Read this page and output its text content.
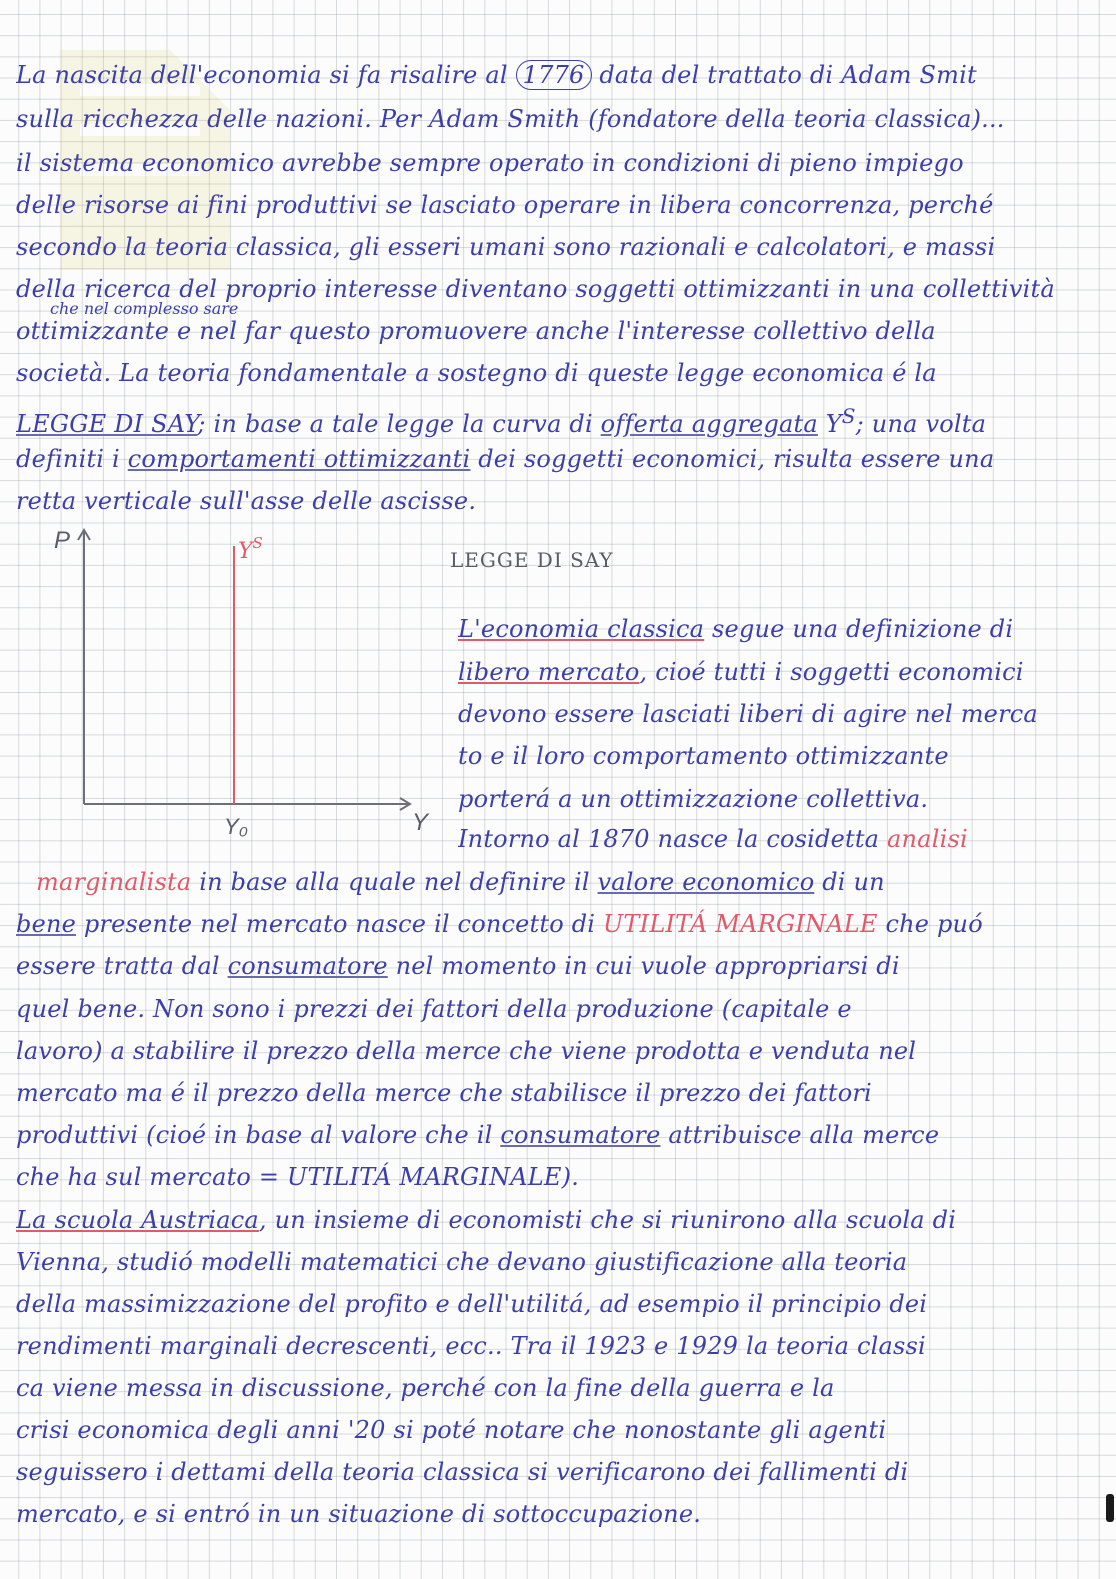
La nascita dell'economia si fa risalire al 1776 data del trattato di Adam Smit
sulla ricchezza delle nazioni. Per Adam Smith (fondatore della teoria classica)...
il sistema economico avrebbe sempre operato in condizioni di pieno impiego
delle risorse ai fini produttivi se lasciato operare in libera concorrenza, perché
secondo la teoria classica, gli esseri umani sono razionali e calcolatori, e massi
della ricerca del proprio interesse diventano soggetti ottimizzanti in una collettività
che nel complesso sare
ottimizzante e nel far questo promuovere anche l'interesse collettivo della
società. La teoria fondamentale a sostegno di queste legge economica é la
LEGGE DI SAY; in base a tale legge la curva di offerta aggregata $Y^S$; una volta
definiti i comportamenti ottimizzanti dei soggetti economici, risulta essere una
retta verticale sull'asse delle ascisse.
P
Y
$Y^S$
Y₀
LEGGE DI SAY
L'economia classica segue una definizione di
libero mercato, cioé tutti i soggetti economici
devono essere lasciati liberi di agire nel merca
to e il loro comportamento ottimizzante
porterá a un ottimizzazione collettiva.
Intorno al 1870 nasce la cosidetta analisi
marginalista in base alla quale nel definire il valore economico di un
bene presente nel mercato nasce il concetto di UTILITÁ MARGINALE che puó
essere tratta dal consumatore nel momento in cui vuole appropriarsi di
quel bene. Non sono i prezzi dei fattori della produzione (capitale e
lavoro) a stabilire il prezzo della merce che viene prodotta e venduta nel
mercato ma é il prezzo della merce che stabilisce il prezzo dei fattori
produttivi (cioé in base al valore che il consumatore attribuisce alla merce
che ha sul mercato = UTILITÁ MARGINALE).
La scuola Austriaca, un insieme di economisti che si riunirono alla scuola di
Vienna, studió modelli matematici che devano giustificazione alla teoria
della massimizzazione del profito e dell'utilitá, ad esempio il principio dei
rendimenti marginali decrescenti, ecc.. Tra il 1923 e 1929 la teoria classi
ca viene messa in discussione, perché con la fine della guerra e la
crisi economica degli anni '20 si poté notare che nonostante gli agenti
seguissero i dettami della teoria classica si verificarono dei fallimenti di
mercato, e si entró in un situazione di sottoccupazione.
